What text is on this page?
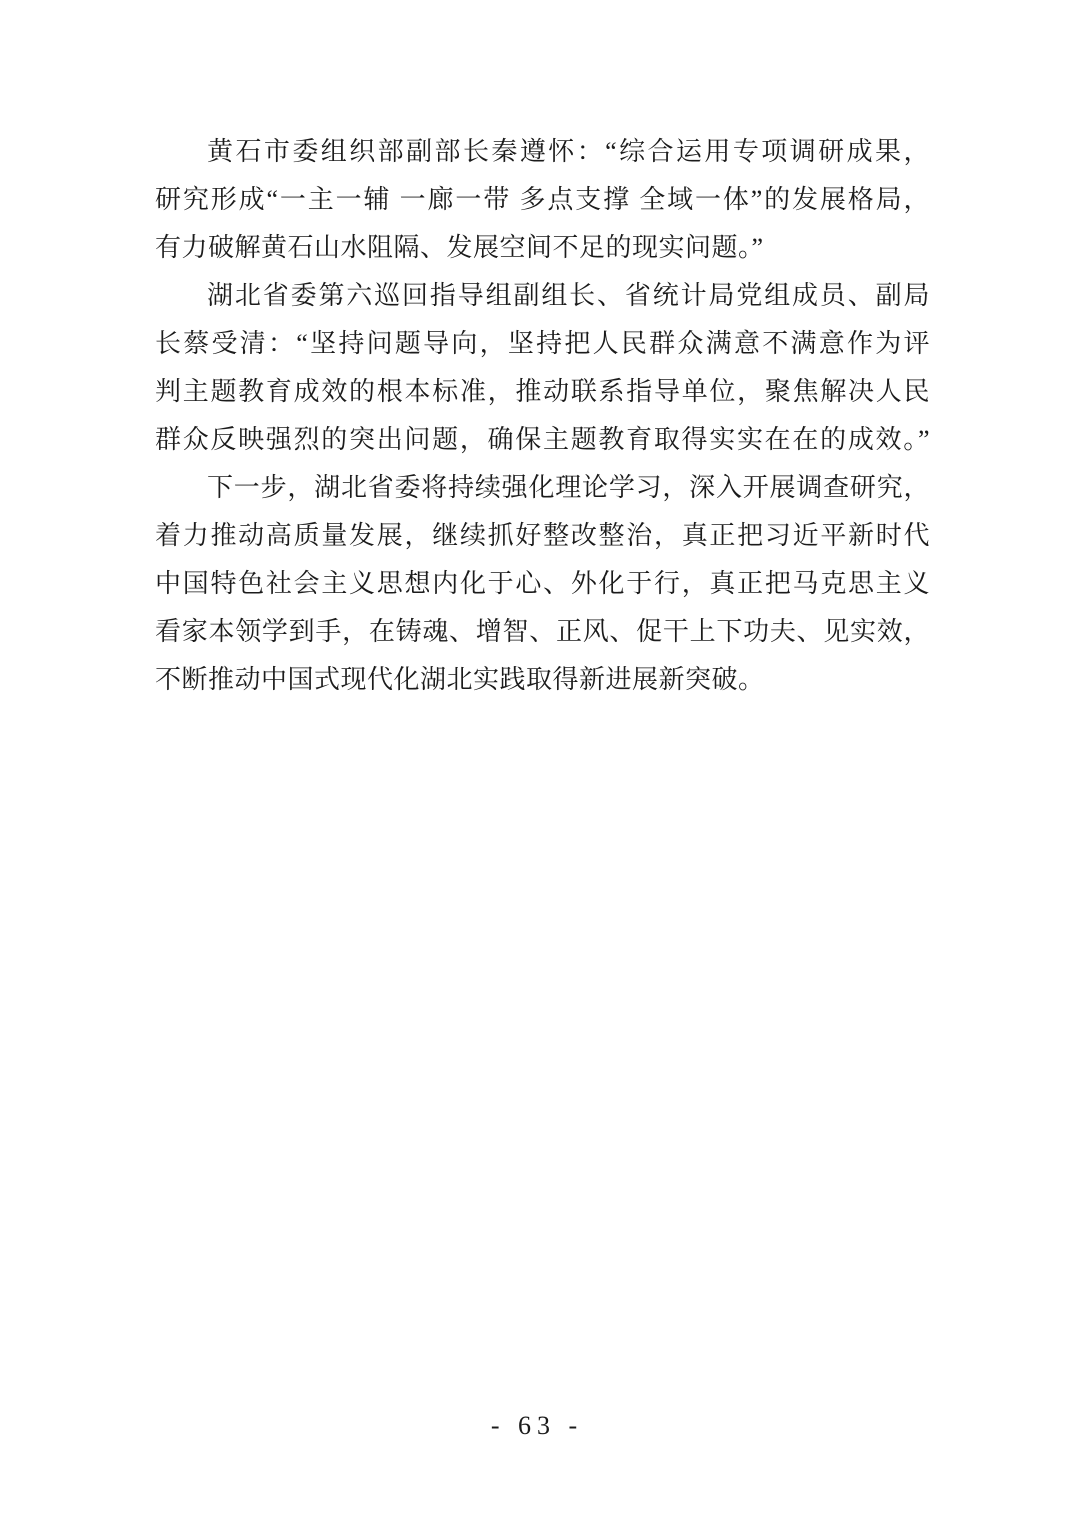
黄石市委组织部副部长秦遵怀：“综合运用专项调研成果，
研究形成“一主一辅 一廊一带 多点支撑 全域一体”的发展格局，
有力破解黄石山水阻隔、发展空间不足的现实问题。”
湖北省委第六巡回指导组副组长、省统计局党组成员、副局
长蔡受清：“坚持问题导向，坚持把人民群众满意不满意作为评
判主题教育成效的根本标准，推动联系指导单位，聚焦解决人民
群众反映强烈的突出问题，确保主题教育取得实实在在的成效。”
下一步，湖北省委将持续强化理论学习，深入开展调查研究，
着力推动高质量发展，继续抓好整改整治，真正把习近平新时代
中国特色社会主义思想内化于心、外化于行，真正把马克思主义
看家本领学到手，在铸魂、增智、正风、促干上下功夫、见实效，
不断推动中国式现代化湖北实践取得新进展新突破。
- 63 -
